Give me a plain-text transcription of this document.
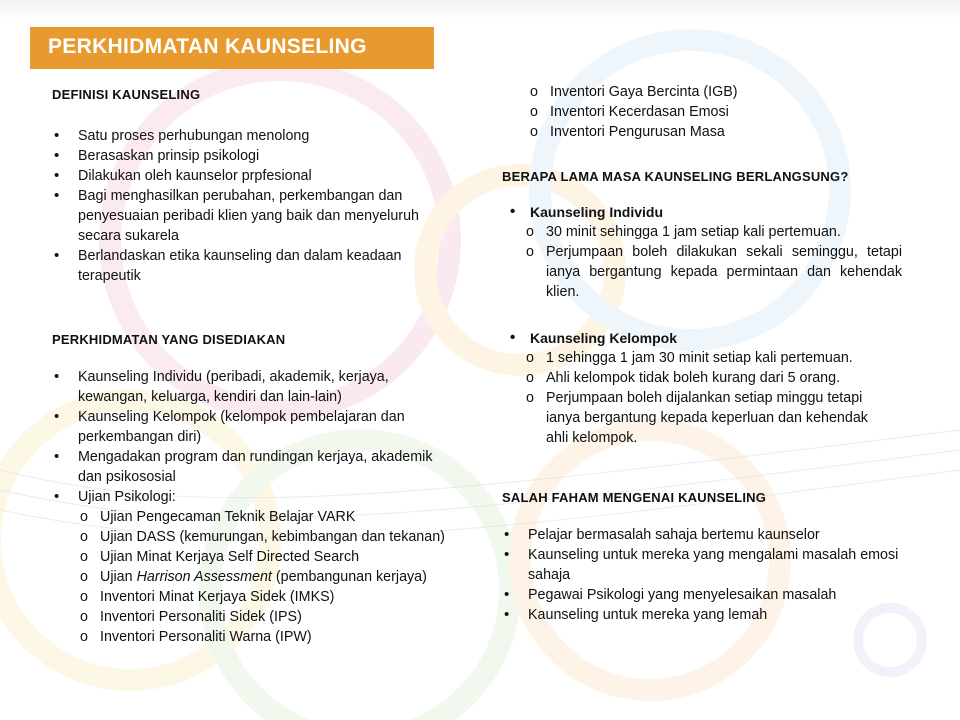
PERKHIDMATAN KAUNSELING
DEFINISI KAUNSELING
• Satu proses perhubungan menolong
• Berasaskan prinsip psikologi
• Dilakukan oleh kaunselor prpfesional
• Bagi menghasilkan perubahan, perkembangan dan
penyesuaian peribadi klien yang baik dan menyeluruh
secara sukarela
• Berlandaskan etika kaunseling dan dalam keadaan
terapeutik
PERKHIDMATAN YANG DISEDIAKAN
• Kaunseling Individu (peribadi, akademik, kerjaya,
kewangan, keluarga, kendiri dan lain-lain)
• Kaunseling Kelompok (kelompok pembelajaran dan
perkembangan diri)
• Mengadakan program dan rundingan kerjaya, akademik
dan psikososial
• Ujian Psikologi:
o Ujian Pengecaman Teknik Belajar VARK
o Ujian DASS (kemurungan, kebimbangan dan tekanan)
o Ujian Minat Kerjaya Self Directed Search
o Ujian Harrison Assessment (pembangunan kerjaya)
o Inventori Minat Kerjaya Sidek (IMKS)
o Inventori Personaliti Sidek (IPS)
o Inventori Personaliti Warna (IPW)
o Inventori Gaya Bercinta (IGB)
o Inventori Kecerdasan Emosi
o Inventori Pengurusan Masa
BERAPA LAMA MASA KAUNSELING BERLANGSUNG?
• Kaunseling Individu
o 30 minit sehingga 1 jam setiap kali pertemuan.
o Perjumpaan boleh dilakukan sekali seminggu, tetapi
ianya bergantung kepada permintaan dan kehendak
klien.
• Kaunseling Kelompok
o 1 sehingga 1 jam 30 minit setiap kali pertemuan.
o Ahli kelompok tidak boleh kurang dari 5 orang.
o Perjumpaan boleh dijalankan setiap minggu tetapi
ianya bergantung kepada keperluan dan kehendak
ahli kelompok.
SALAH FAHAM MENGENAI KAUNSELING
• Pelajar bermasalah sahaja bertemu kaunselor
• Kaunseling untuk mereka yang mengalami masalah emosi
sahaja
• Pegawai Psikologi yang menyelesaikan masalah
• Kaunseling untuk mereka yang lemah
